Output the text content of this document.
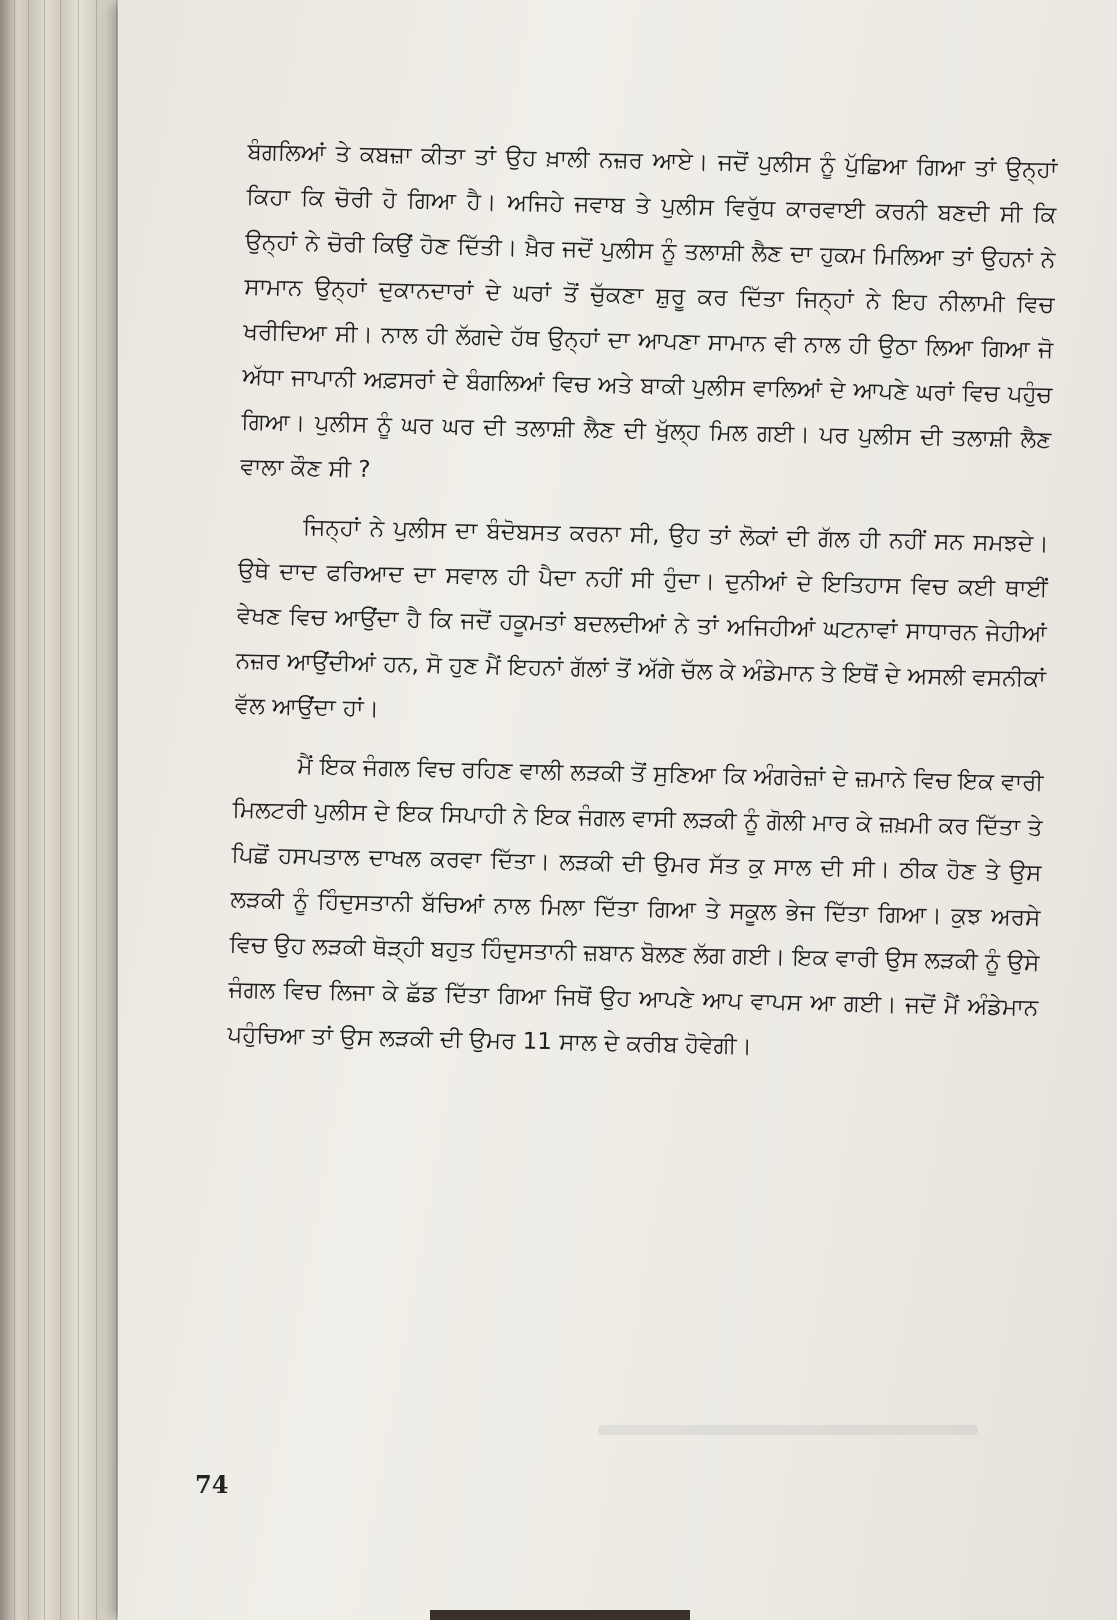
ਬੰਗਲਿਆਂ ਤੇ ਕਬਜ਼ਾ ਕੀਤਾ ਤਾਂ ਉਹ ਖ਼ਾਲੀ ਨਜ਼ਰ ਆਏ। ਜਦੋਂ ਪੁਲੀਸ ਨੂੰ ਪੁੱਛਿਆ ਗਿਆ ਤਾਂ ਉਨ੍ਹਾਂ ਕਿਹਾ ਕਿ ਚੋਰੀ ਹੋ ਗਿਆ ਹੈ। ਅਜਿਹੇ ਜਵਾਬ ਤੇ ਪੁਲੀਸ ਵਿਰੁੱਧ ਕਾਰਵਾਈ ਕਰਨੀ ਬਣਦੀ ਸੀ ਕਿ ਉਨ੍ਹਾਂ ਨੇ ਚੋਰੀ ਕਿਉਂ ਹੋਣ ਦਿੱਤੀ। ਖ਼ੈਰ ਜਦੋਂ ਪੁਲੀਸ ਨੂੰ ਤਲਾਸ਼ੀ ਲੈਣ ਦਾ ਹੁਕਮ ਮਿਲਿਆ ਤਾਂ ਉਹਨਾਂ ਨੇ ਸਾਮਾਨ ਉਨ੍ਹਾਂ ਦੁਕਾਨਦਾਰਾਂ ਦੇ ਘਰਾਂ ਤੋਂ ਚੁੱਕਣਾ ਸ਼ੁਰੂ ਕਰ ਦਿੱਤਾ ਜਿਨ੍ਹਾਂ ਨੇ ਇਹ ਨੀਲਾਮੀ ਵਿਚ ਖਰੀਦਿਆ ਸੀ। ਨਾਲ ਹੀ ਲੱਗਦੇ ਹੱਥ ਉਨ੍ਹਾਂ ਦਾ ਆਪਣਾ ਸਾਮਾਨ ਵੀ ਨਾਲ ਹੀ ਉਠਾ ਲਿਆ ਗਿਆ ਜੋ ਅੱਧਾ ਜਾਪਾਨੀ ਅਫ਼ਸਰਾਂ ਦੇ ਬੰਗਲਿਆਂ ਵਿਚ ਅਤੇ ਬਾਕੀ ਪੁਲੀਸ ਵਾਲਿਆਂ ਦੇ ਆਪਣੇ ਘਰਾਂ ਵਿਚ ਪਹੁੰਚ ਗਿਆ। ਪੁਲੀਸ ਨੂੰ ਘਰ ਘਰ ਦੀ ਤਲਾਸ਼ੀ ਲੈਣ ਦੀ ਖੁੱਲ੍ਹ ਮਿਲ ਗਈ। ਪਰ ਪੁਲੀਸ ਦੀ ਤਲਾਸ਼ੀ ਲੈਣ ਵਾਲਾ ਕੌਣ ਸੀ ?

ਜਿਨ੍ਹਾਂ ਨੇ ਪੁਲੀਸ ਦਾ ਬੰਦੋਬਸਤ ਕਰਨਾ ਸੀ, ਉਹ ਤਾਂ ਲੋਕਾਂ ਦੀ ਗੱਲ ਹੀ ਨਹੀਂ ਸਨ ਸਮਝਦੇ। ਉਥੇ ਦਾਦ ਫਰਿਆਦ ਦਾ ਸਵਾਲ ਹੀ ਪੈਦਾ ਨਹੀਂ ਸੀ ਹੁੰਦਾ। ਦੁਨੀਆਂ ਦੇ ਇਤਿਹਾਸ ਵਿਚ ਕਈ ਥਾਈਂ ਵੇਖਣ ਵਿਚ ਆਉਂਦਾ ਹੈ ਕਿ ਜਦੋਂ ਹਕੂਮਤਾਂ ਬਦਲਦੀਆਂ ਨੇ ਤਾਂ ਅਜਿਹੀਆਂ ਘਟਨਾਵਾਂ ਸਾਧਾਰਨ ਜੇਹੀਆਂ ਨਜ਼ਰ ਆਉਂਦੀਆਂ ਹਨ, ਸੋ ਹੁਣ ਮੈਂ ਇਹਨਾਂ ਗੱਲਾਂ ਤੋਂ ਅੱਗੇ ਚੱਲ ਕੇ ਅੰਡੇਮਾਨ ਤੇ ਇਥੋਂ ਦੇ ਅਸਲੀ ਵਸਨੀਕਾਂ ਵੱਲ ਆਉਂਦਾ ਹਾਂ।

ਮੈਂ ਇਕ ਜੰਗਲ ਵਿਚ ਰਹਿਣ ਵਾਲੀ ਲੜਕੀ ਤੋਂ ਸੁਣਿਆ ਕਿ ਅੰਗਰੇਜ਼ਾਂ ਦੇ ਜ਼ਮਾਨੇ ਵਿਚ ਇਕ ਵਾਰੀ ਮਿਲਟਰੀ ਪੁਲੀਸ ਦੇ ਇਕ ਸਿਪਾਹੀ ਨੇ ਇਕ ਜੰਗਲ ਵਾਸੀ ਲੜਕੀ ਨੂੰ ਗੋਲੀ ਮਾਰ ਕੇ ਜ਼ਖ਼ਮੀ ਕਰ ਦਿੱਤਾ ਤੇ ਪਿਛੋਂ ਹਸਪਤਾਲ ਦਾਖਲ ਕਰਵਾ ਦਿੱਤਾ। ਲੜਕੀ ਦੀ ਉਮਰ ਸੱਤ ਕੁ ਸਾਲ ਦੀ ਸੀ। ਠੀਕ ਹੋਣ ਤੇ ਉਸ ਲੜਕੀ ਨੂੰ ਹਿੰਦੁਸਤਾਨੀ ਬੱਚਿਆਂ ਨਾਲ ਮਿਲਾ ਦਿੱਤਾ ਗਿਆ ਤੇ ਸਕੂਲ ਭੇਜ ਦਿੱਤਾ ਗਿਆ। ਕੁਝ ਅਰਸੇ ਵਿਚ ਉਹ ਲੜਕੀ ਥੋੜ੍ਹੀ ਬਹੁਤ ਹਿੰਦੁਸਤਾਨੀ ਜ਼ਬਾਨ ਬੋਲਣ ਲੱਗ ਗਈ। ਇਕ ਵਾਰੀ ਉਸ ਲੜਕੀ ਨੂੰ ਉਸੇ ਜੰਗਲ ਵਿਚ ਲਿਜਾ ਕੇ ਛੱਡ ਦਿੱਤਾ ਗਿਆ ਜਿਥੋਂ ਉਹ ਆਪਣੇ ਆਪ ਵਾਪਸ ਆ ਗਈ। ਜਦੋਂ ਮੈਂ ਅੰਡੇਮਾਨ ਪਹੁੰਚਿਆ ਤਾਂ ਉਸ ਲੜਕੀ ਦੀ ਉਮਰ 11 ਸਾਲ ਦੇ ਕਰੀਬ ਹੋਵੇਗੀ।

74
